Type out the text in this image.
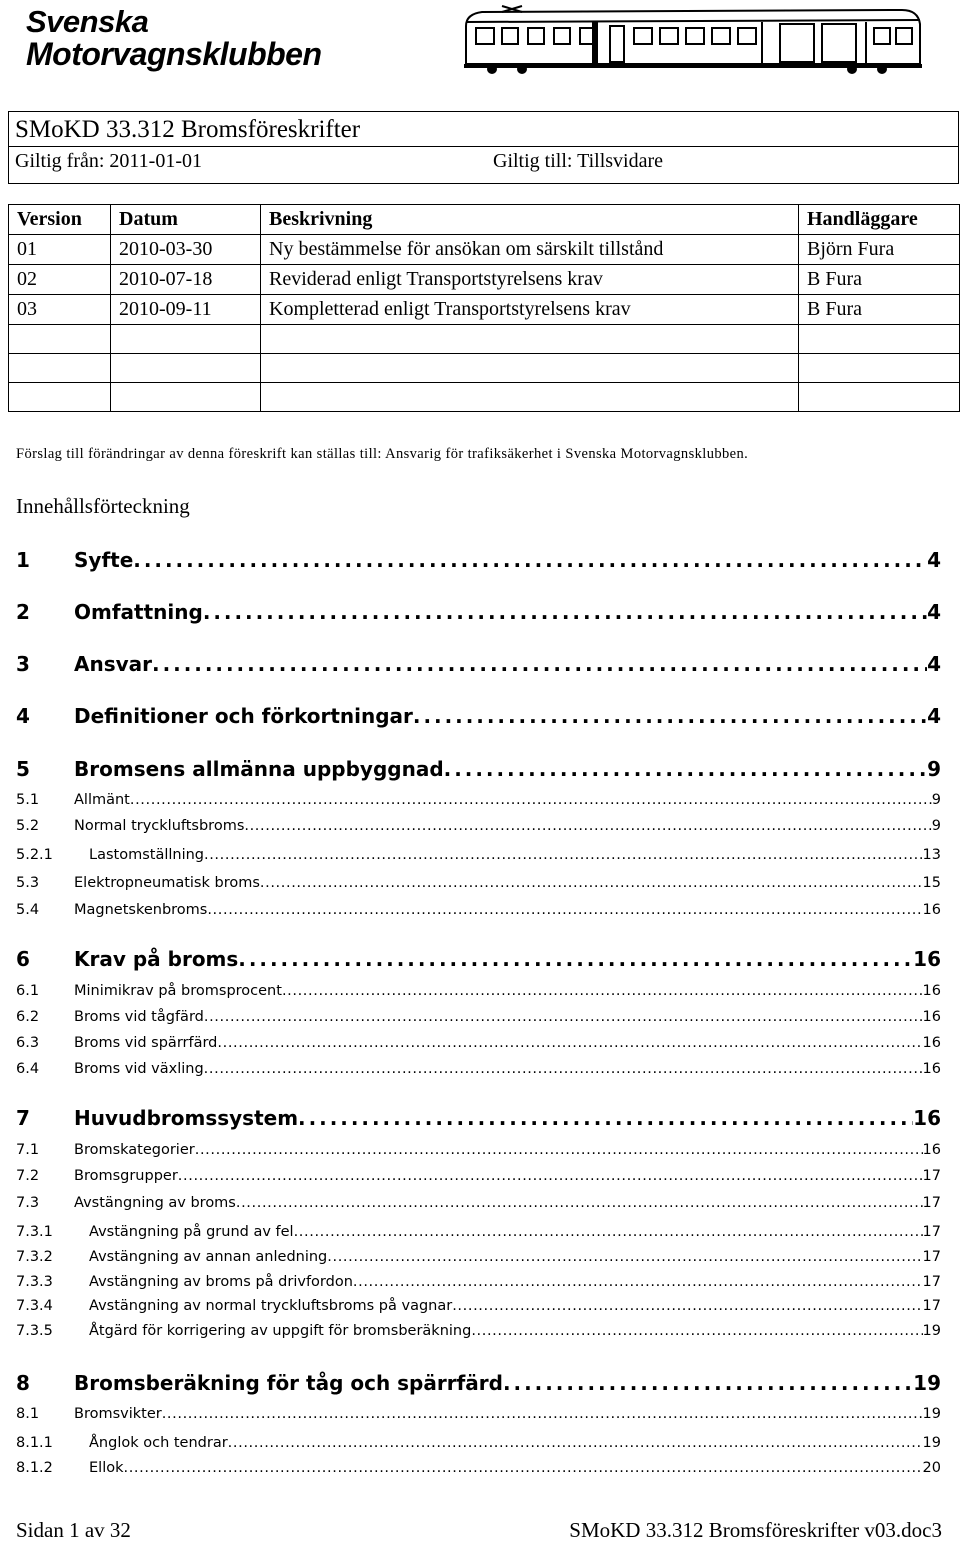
Svenska
Motorvagnsklubben
SMoKD 33.312 Bromsföreskrifter
Giltig från: 2011-01-01	Giltig till: Tillsvidare
Version	Datum	Beskrivning	Handläggare
01	2010-03-30	Ny bestämmelse för ansökan om särskilt tillstånd	Björn Fura
02	2010-07-18	Reviderad enligt Transportstyrelsens krav	B Fura
03	2010-09-11	Kompletterad enligt Transportstyrelsens krav	B Fura

Förslag till förändringar av denna föreskrift kan ställas till: Ansvarig för trafiksäkerhet i Svenska Motorvagnsklubben.
Innehållsförteckning
1	Syfte . . .	4
2	Omfattning . . .	4
3	Ansvar . . .	4
4	Definitioner och förkortningar . . .	4
5	Bromsens allmänna uppbyggnad . . .	9
5.1	Allmänt . . .	9
5.2	Normal tryckluftsbroms . . .	9
5.2.1	Lastomställning . . .	13
5.3	Elektropneumatisk broms . . .	15
5.4	Magnetskenbroms . . .	16
6	Krav på broms . . .	16
6.1	Minimikrav på bromsprocent . . .	16
6.2	Broms vid tågfärd . . .	16
6.3	Broms vid spärrfärd . . .	16
6.4	Broms vid växling . . .	16
7	Huvudbromssystem . . .	16
7.1	Bromskategorier . . .	16
7.2	Bromsgrupper . . .	17
7.3	Avstängning av broms . . .	17
7.3.1	Avstängning på grund av fel . . .	17
7.3.2	Avstängning av annan anledning . . .	17
7.3.3	Avstängning av broms på drivfordon . . .	17
7.3.4	Avstängning av normal tryckluftsbroms på vagnar . . .	17
7.3.5	Åtgärd för korrigering av uppgift för bromsberäkning . . .	19
8	Bromsberäkning för tåg och spärrfärd . . .	19
8.1	Bromsvikter . . .	19
8.1.1	Ånglok och tendrar . . .	19
8.1.2	Ellok . . .	20
Sidan 1 av 32	SMoKD 33.312 Bromsföreskrifter v03.doc3
